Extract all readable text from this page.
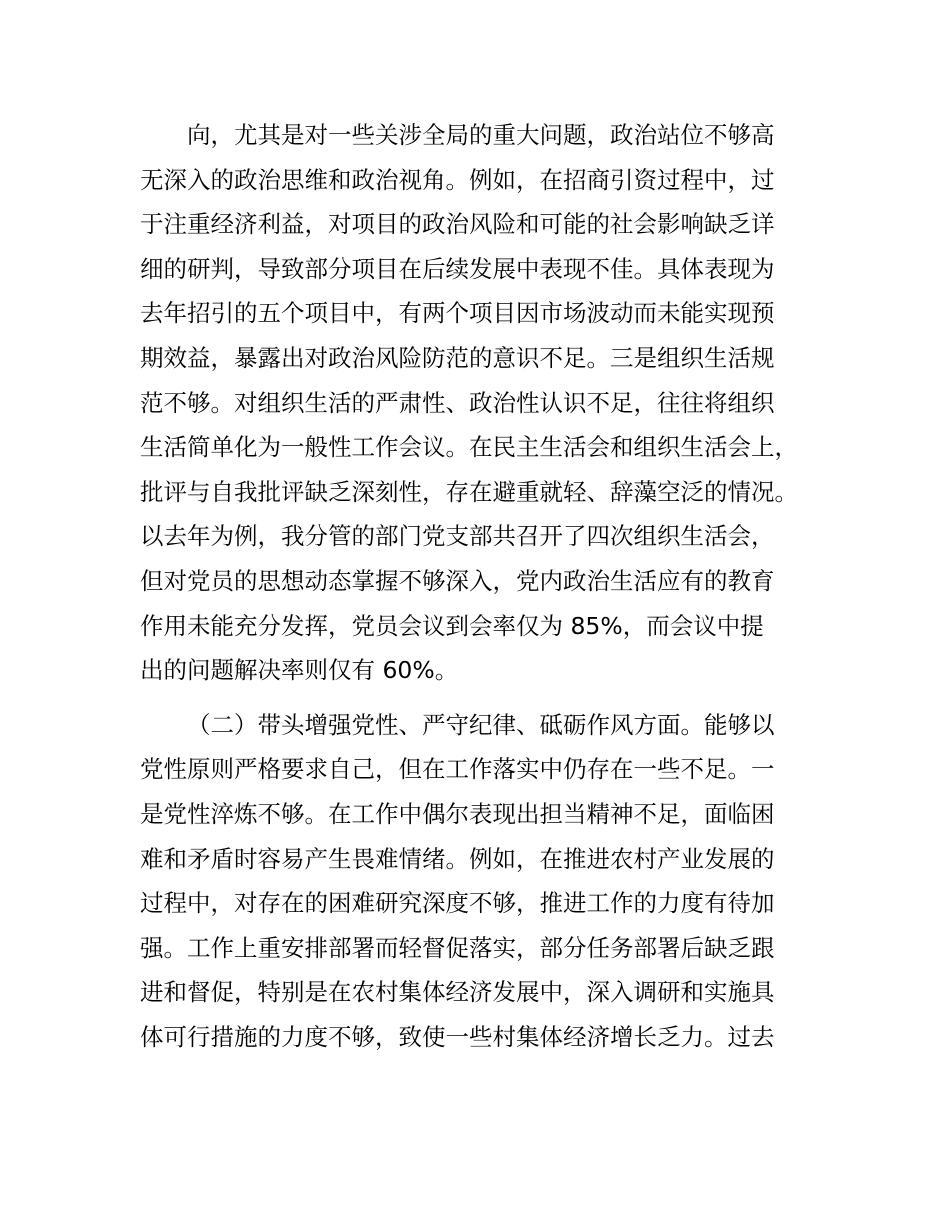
向，尤其是对一些关涉全局的重大问题，政治站位不够高
无深入的政治思维和政治视角。例如，在招商引资过程中，过
于注重经济利益，对项目的政治风险和可能的社会影响缺乏详
细的研判，导致部分项目在后续发展中表现不佳。具体表现为
去年招引的五个项目中，有两个项目因市场波动而未能实现预
期效益，暴露出对政治风险防范的意识不足。三是组织生活规
范不够。对组织生活的严肃性、政治性认识不足，往往将组织
生活简单化为一般性工作会议。在民主生活会和组织生活会上，
批评与自我批评缺乏深刻性，存在避重就轻、辞藻空泛的情况。
以去年为例，我分管的部门党支部共召开了四次组织生活会，
但对党员的思想动态掌握不够深入，党内政治生活应有的教育
作用未能充分发挥，党员会议到会率仅为 85%，而会议中提
出的问题解决率则仅有 60%。
（二）带头增强党性、严守纪律、砥砺作风方面。能够以
党性原则严格要求自己，但在工作落实中仍存在一些不足。一
是党性淬炼不够。在工作中偶尔表现出担当精神不足，面临困
难和矛盾时容易产生畏难情绪。例如，在推进农村产业发展的
过程中，对存在的困难研究深度不够，推进工作的力度有待加
强。工作上重安排部署而轻督促落实，部分任务部署后缺乏跟
进和督促，特别是在农村集体经济发展中，深入调研和实施具
体可行措施的力度不够，致使一些村集体经济增长乏力。过去
